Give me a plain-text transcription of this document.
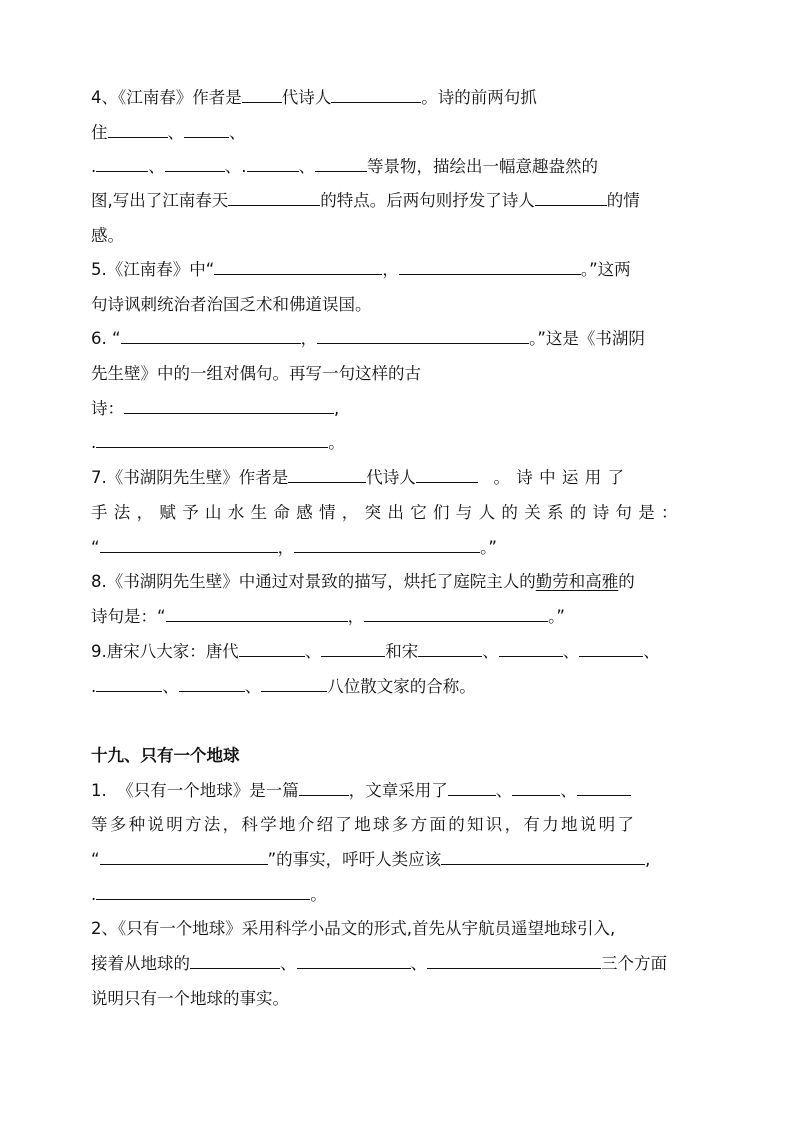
4、《江南春》作者是 代诗人	。诗的前两句抓
住	、	、
.	、	、.	、	等景物，描绘出一幅意趣盎然的
图,写出了江南春天	的特点。后两句则抒发了诗人	的情
感。
5.《江南春》中“	，	。”这两
句诗讽刺统治者治国乏术和佛道误国。
6. “	，	。”这是《书湖阴
先生壁》中的一组对偶句。再写一句这样的古
诗：	,
.	。
7.《书湖阴先生壁》作者是	代诗人	。诗中运用了
手法，赋予山水生命感情，突出它们与人的关系的诗句是：
“	，	。”
8.《书湖阴先生壁》中通过对景致的描写，烘托了庭院主人的勤劳和高雅的
诗句是：“	，	。”
9.唐宋八大家：唐代	、	和宋	、	、	、
.	、	、	八位散文家的合称。
十九、只有一个地球
1. 《只有一个地球》是一篇	，文章采用了	、	、
等多种说明方法，科学地介绍了地球多方面的知识，有力地说明了
“	”的事实，呼吁人类应该	,
.	。
2、《只有一个地球》采用科学小品文的形式,首先从宇航员遥望地球引入,
接着从地球的	、	、	三个方面
说明只有一个地球的事实。
